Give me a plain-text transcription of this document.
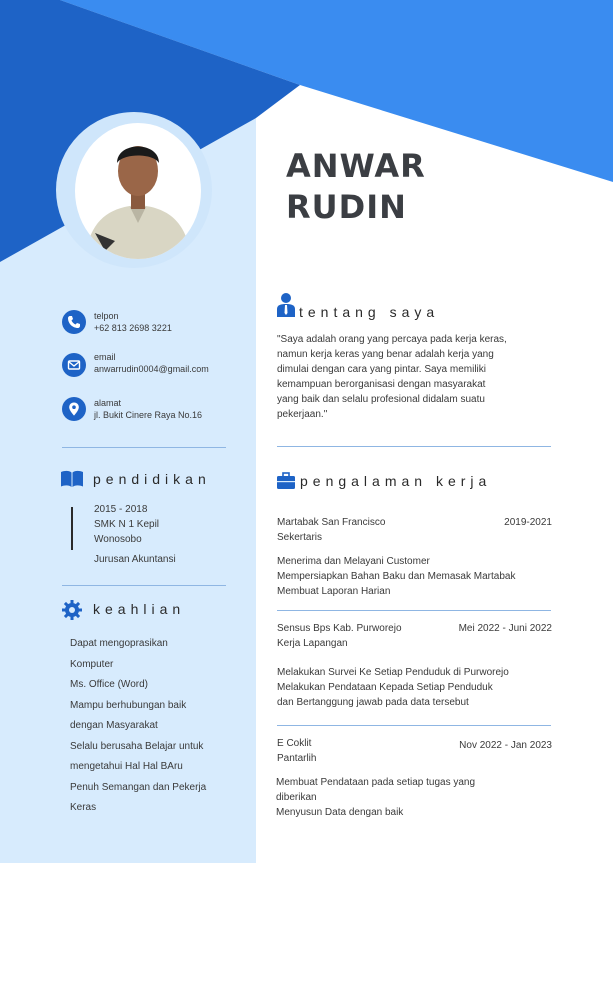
ANWAR
RUDIN
telpon
+62 813 2698 3221
email
anwarrudin0004@gmail.com
alamat
jl. Bukit Cinere Raya No.16
pendidikan
2015 - 2018
SMK N 1 Kepil
Wonosobo
Jurusan Akuntansi
keahlian
Dapat mengoprasikan
Komputer
Ms. Office (Word)
Mampu berhubungan baik
dengan Masyarakat
Selalu berusaha Belajar untuk
mengetahui Hal Hal BAru
Penuh Semangan dan Pekerja
Keras
tentang saya
"Saya adalah orang yang percaya pada kerja keras,
namun kerja keras yang benar adalah kerja yang
dimulai dengan cara yang pintar. Saya memiliki
kemampuan berorganisasi dengan masyarakat
yang baik dan selalu profesional didalam suatu
pekerjaan."
pengalaman kerja
Martabak San Francisco
Sekertaris
2019-2021
Menerima dan Melayani Customer
Mempersiapkan Bahan Baku dan Memasak Martabak
Membuat Laporan Harian
Sensus Bps Kab. Purworejo
Kerja Lapangan
Mei 2022 - Juni 2022
Melakukan Survei Ke Setiap Penduduk di Purworejo
Melakukan Pendataan Kepada Setiap Penduduk
dan Bertanggung jawab pada data tersebut
E Coklit
Pantarlih
Nov 2022 - Jan 2023
Membuat Pendataan pada setiap tugas yang
diberikan
Menyusun Data dengan baik
